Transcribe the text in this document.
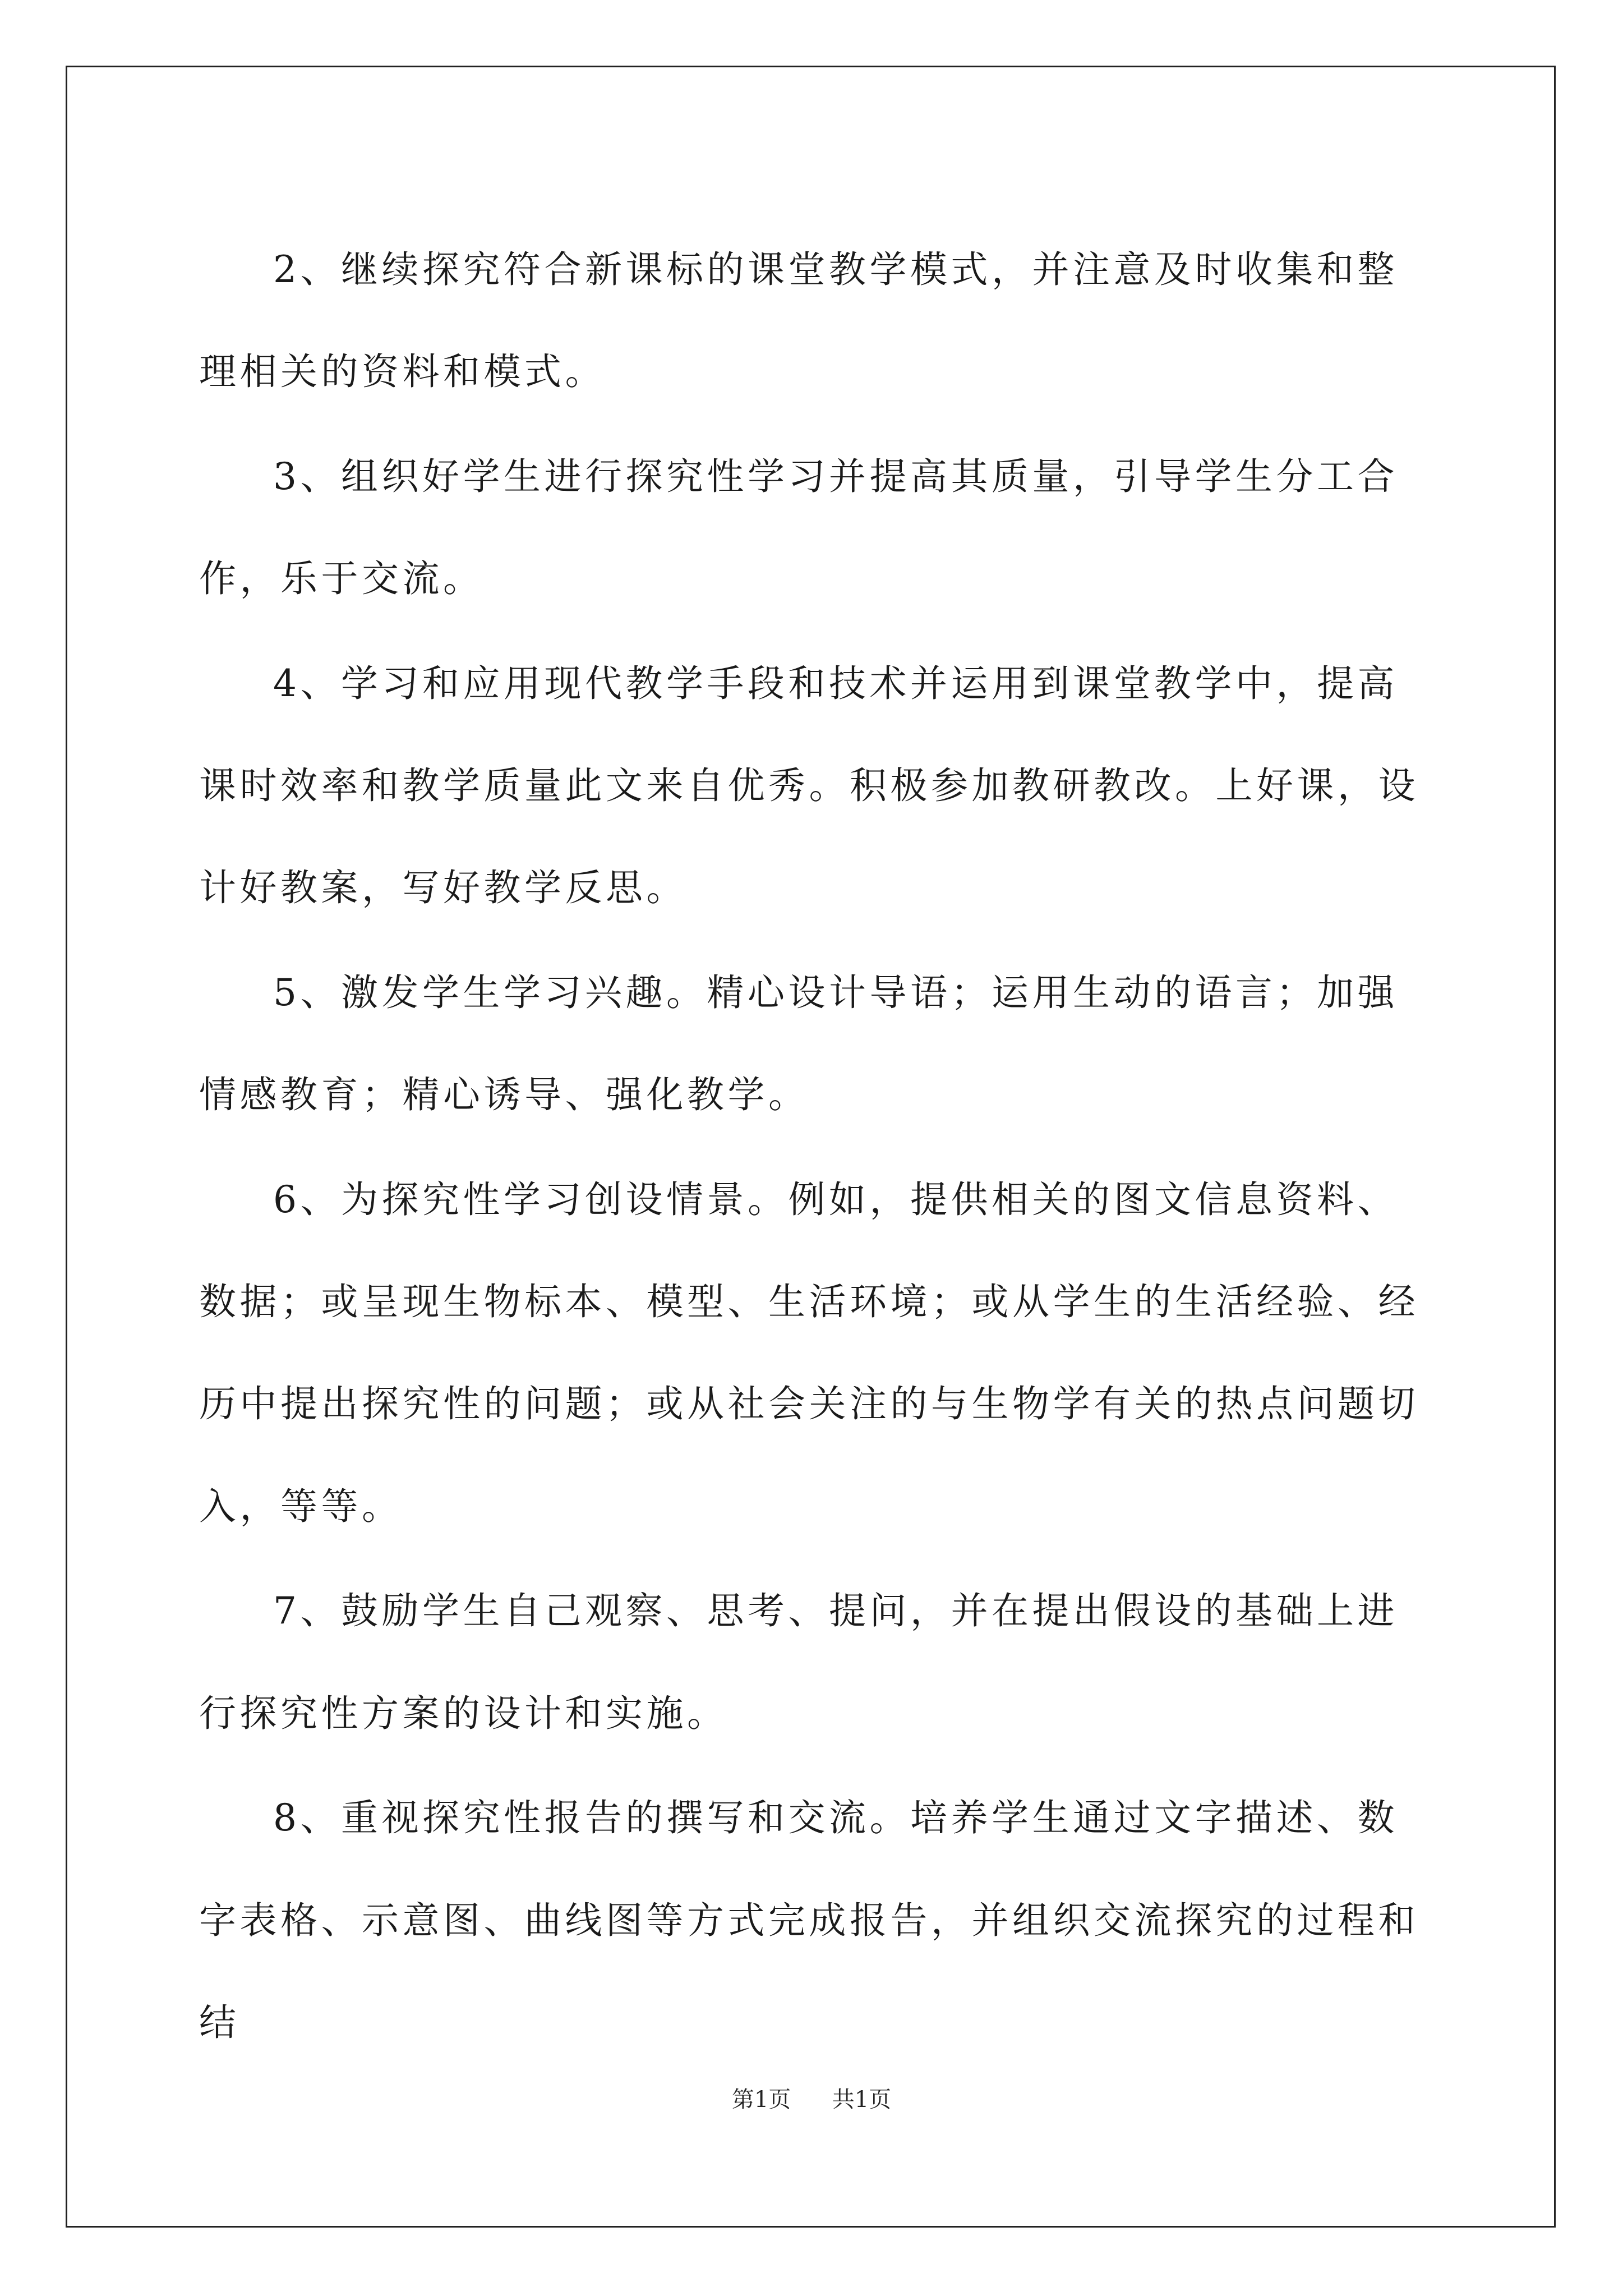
2、继续探究符合新课标的课堂教学模式，并注意及时收集和整理相关的资料和模式。

3、组织好学生进行探究性学习并提高其质量，引导学生分工合作，乐于交流。

4、学习和应用现代教学手段和技术并运用到课堂教学中，提高课时效率和教学质量此文来自优秀。积极参加教研教改。上好课，设计好教案，写好教学反思。

5、激发学生学习兴趣。精心设计导语；运用生动的语言；加强情感教育；精心诱导、强化教学。

6、为探究性学习创设情景。例如，提供相关的图文信息资料、数据；或呈现生物标本、模型、生活环境；或从学生的生活经验、经历中提出探究性的问题；或从社会关注的与生物学有关的热点问题切入，等等。

7、鼓励学生自己观察、思考、提问，并在提出假设的基础上进行探究性方案的设计和实施。

8、重视探究性报告的撰写和交流。培养学生通过文字描述、数字表格、示意图、曲线图等方式完成报告，并组织交流探究的过程和结

第1页 共1页
